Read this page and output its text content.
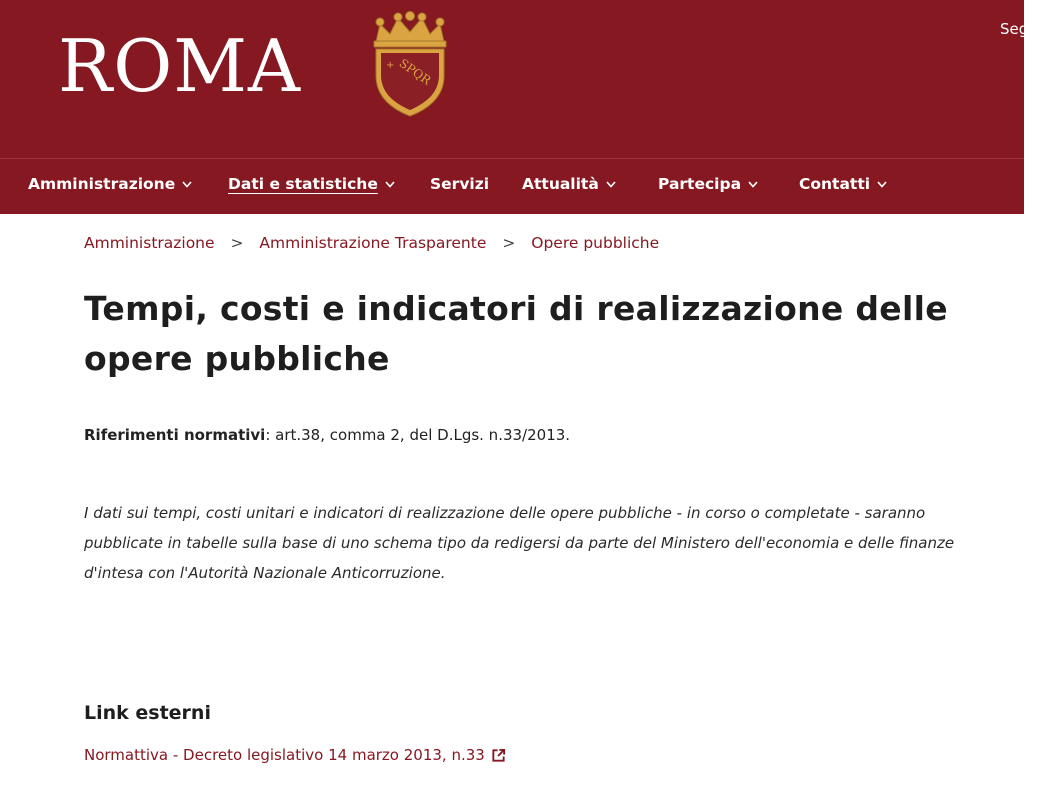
ROMA	SPQR
+
Segui
Amministrazione	Dati e statistiche	Servizi Attualità	Partecipa	Contatti
Amministrazione > Amministrazione Trasparente > Opere pubbliche
Tempi, costi e indicatori di realizzazione delle opere pubbliche
Riferimenti normativi: art.38, comma 2, del D.Lgs. n.33/2013.

I dati sui tempi, costi unitari e indicatori di realizzazione delle opere pubbliche - in corso o completate - saranno pubblicate in tabelle sulla base di uno schema tipo da redigersi da parte del Ministero dell'economia e delle finanze d'intesa con l'Autorità Nazionale Anticorruzione.

Link esterni
Normattiva - Decreto legislativo 14 marzo 2013, n.33
